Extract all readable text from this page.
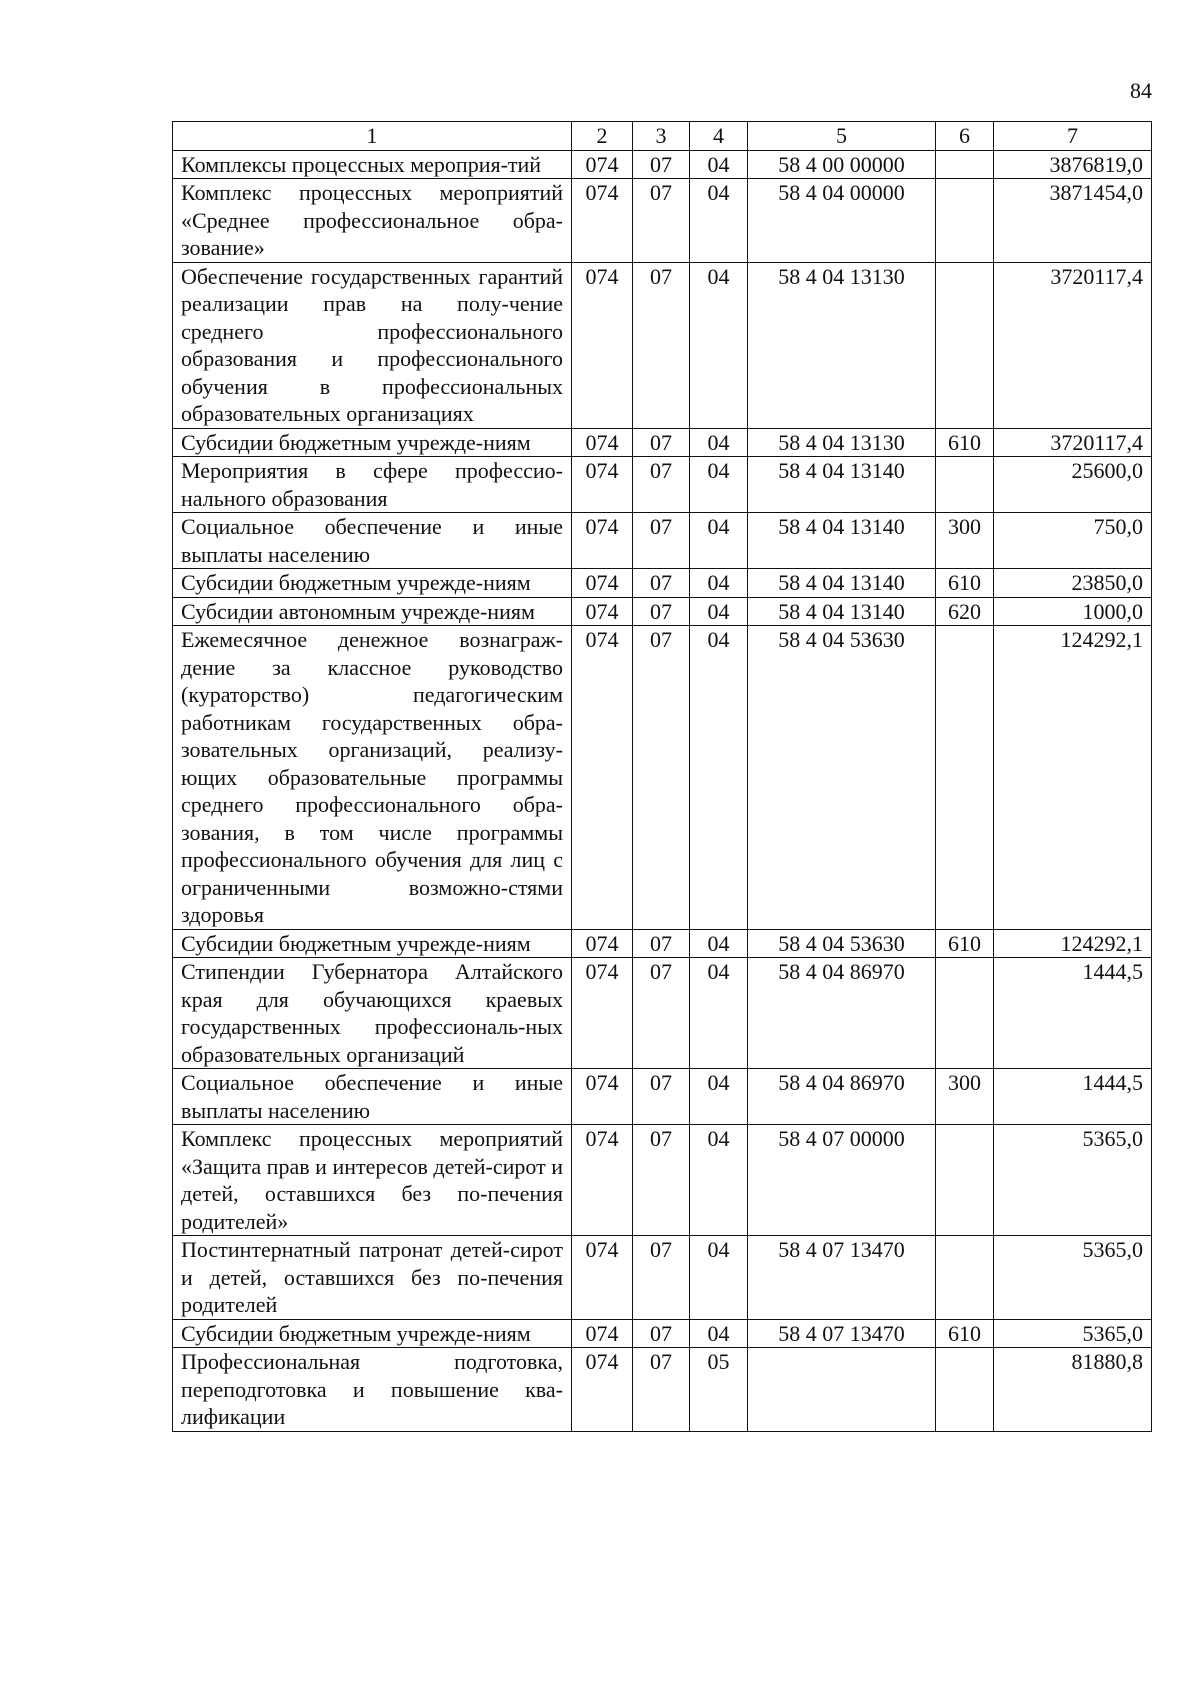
84
1	2	3	4	5	6	7
Комплексы процессных мероприя-тий	074	07	04	58 4 00 00000		3876819,0
Комплекс процессных мероприятий «Среднее профессиональное обра-зование»	074	07	04	58 4 04 00000		3871454,0
Обеспечение государственных гарантий реализации прав на полу-чение среднего профессионального образования и профессионального обучения в профессиональных образовательных организациях	074	07	04	58 4 04 13130		3720117,4
Субсидии бюджетным учрежде-ниям	074	07	04	58 4 04 13130	610	3720117,4
Мероприятия в сфере профессио-нального образования	074	07	04	58 4 04 13140		25600,0
Социальное обеспечение и иные выплаты населению	074	07	04	58 4 04 13140	300	750,0
Субсидии бюджетным учрежде-ниям	074	07	04	58 4 04 13140	610	23850,0
Субсидии автономным учрежде-ниям	074	07	04	58 4 04 13140	620	1000,0
Ежемесячное денежное вознаграж-дение за классное руководство (кураторство) педагогическим работникам государственных обра-зовательных организаций, реализу-ющих образовательные программы среднего профессионального обра-зования, в том числе программы профессионального обучения для лиц с ограниченными возможно-стями здоровья	074	07	04	58 4 04 53630		124292,1
Субсидии бюджетным учрежде-ниям	074	07	04	58 4 04 53630	610	124292,1
Стипендии Губернатора Алтайского края для обучающихся краевых государственных профессиональ-ных образовательных организаций	074	07	04	58 4 04 86970		1444,5
Социальное обеспечение и иные выплаты населению	074	07	04	58 4 04 86970	300	1444,5
Комплекс процессных мероприятий «Защита прав и интересов детей-сирот и детей, оставшихся без по-печения родителей»	074	07	04	58 4 07 00000		5365,0
Постинтернатный патронат детей-сирот и детей, оставшихся без по-печения родителей	074	07	04	58 4 07 13470		5365,0
Субсидии бюджетным учрежде-ниям	074	07	04	58 4 07 13470	610	5365,0
Профессиональная подготовка, переподготовка и повышение ква-лификации	074	07	05			81880,8
